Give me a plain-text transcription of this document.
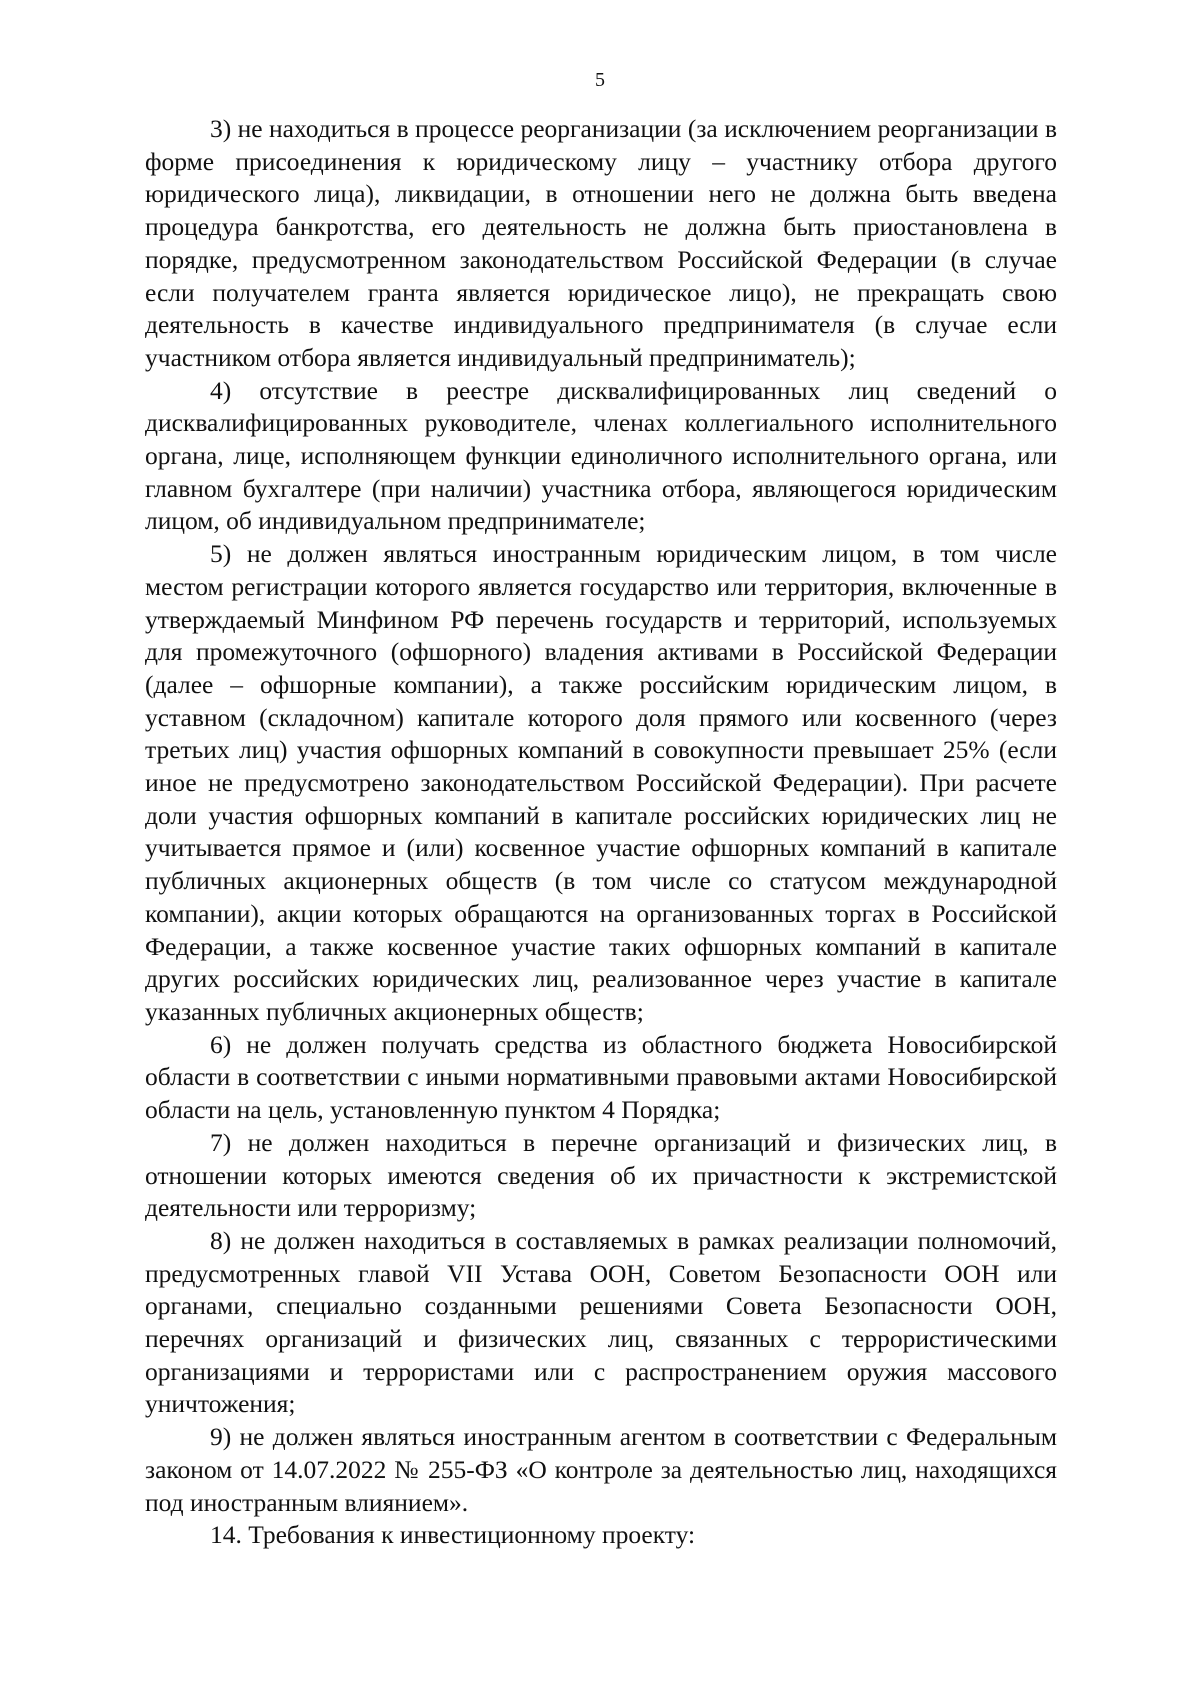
5

3) не находиться в процессе реорганизации (за исключением реорганизации в форме присоединения к юридическому лицу – участнику отбора другого юридического лица), ликвидации, в отношении него не должна быть введена процедура банкротства, его деятельность не должна быть приостановлена в порядке, предусмотренном законодательством Российской Федерации (в случае если получателем гранта является юридическое лицо), не прекращать свою деятельность в качестве индивидуального предпринимателя (в случае если участником отбора является индивидуальный предприниматель);

4) отсутствие в реестре дисквалифицированных лиц сведений о дисквалифицированных руководителе, членах коллегиального исполнительного органа, лице, исполняющем функции единоличного исполнительного органа, или главном бухгалтере (при наличии) участника отбора, являющегося юридическим лицом, об индивидуальном предпринимателе;

5) не должен являться иностранным юридическим лицом, в том числе местом регистрации которого является государство или территория, включенные в утверждаемый Минфином РФ перечень государств и территорий, используемых для промежуточного (офшорного) владения активами в Российской Федерации (далее – офшорные компании), а также российским юридическим лицом, в уставном (складочном) капитале которого доля прямого или косвенного (через третьих лиц) участия офшорных компаний в совокупности превышает 25% (если иное не предусмотрено законодательством Российской Федерации). При расчете доли участия офшорных компаний в капитале российских юридических лиц не учитывается прямое и (или) косвенное участие офшорных компаний в капитале публичных акционерных обществ (в том числе со статусом международной компании), акции которых обращаются на организованных торгах в Российской Федерации, а также косвенное участие таких офшорных компаний в капитале других российских юридических лиц, реализованное через участие в капитале указанных публичных акционерных обществ;

6) не должен получать средства из областного бюджета Новосибирской области в соответствии с иными нормативными правовыми актами Новосибирской области на цель, установленную пунктом 4 Порядка;

7) не должен находиться в перечне организаций и физических лиц, в отношении которых имеются сведения об их причастности к экстремистской деятельности или терроризму;

8) не должен находиться в составляемых в рамках реализации полномочий, предусмотренных главой VII Устава ООН, Советом Безопасности ООН или органами, специально созданными решениями Совета Безопасности ООН, перечнях организаций и физических лиц, связанных с террористическими организациями и террористами или с распространением оружия массового уничтожения;

9) не должен являться иностранным агентом в соответствии с Федеральным законом от 14.07.2022 № 255-ФЗ «О контроле за деятельностью лиц, находящихся под иностранным влиянием».

14. Требования к инвестиционному проекту:
